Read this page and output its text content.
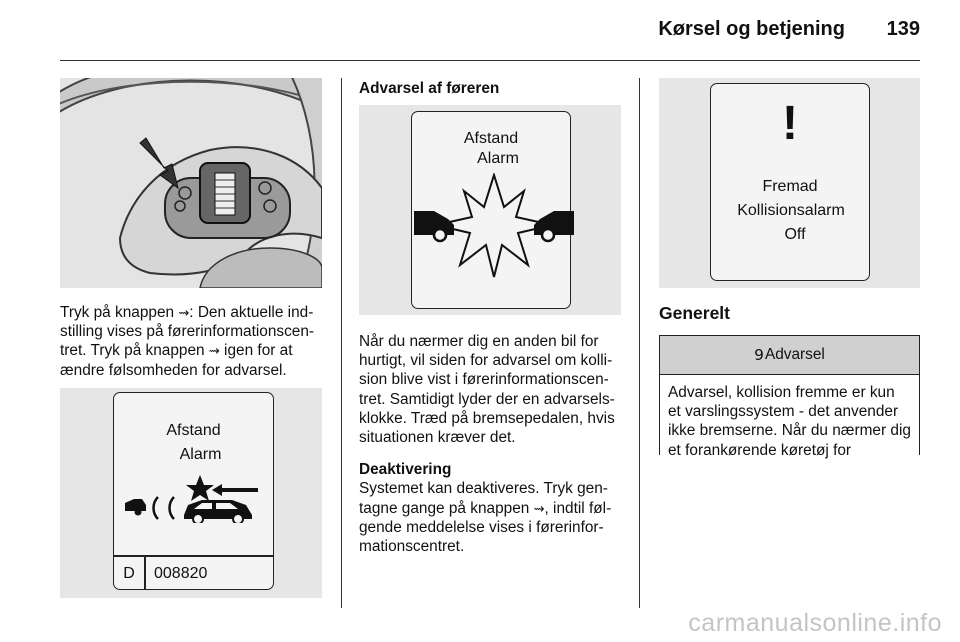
Kørsel og betjening 139

Tryk på knappen ⇝: Den aktuelle indstilling vises på førerinformationscentret. Tryk på knappen ⇝ igen for at ændre følsomheden for advarsel.

Afstand
Alarm
D	008820
Advarsel af føreren
Afstand
Alarm

Når du nærmer dig en anden bil for hurtigt, vil siden for advarsel om kollision blive vist i førerinformationscentret. Samtidigt lyder der en advarselsklokke. Træd på bremsepedalen, hvis situationen kræver det.

Deaktivering

Systemet kan deaktiveres. Tryk gentagne gange på knappen ⇝, indtil følgende meddelelse vises i førerinformationscentret.

!
Fremad
Kollisionsalarm
Off
Generelt
9 Advarsel
Advarsel, kollision fremme er kun et varslingssystem - det anvender ikke bremserne. Når du nærmer dig et forankørende køretøj for
carmanualsonline.info
